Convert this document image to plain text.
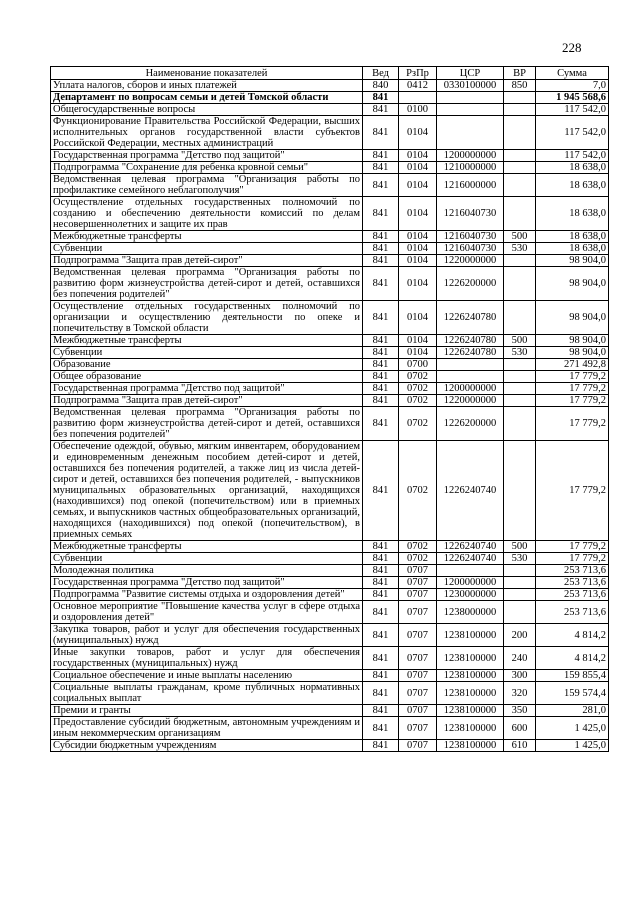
228
Наименование показателей	Вед	РзПр	ЦСР	ВР	Сумма
Уплата налогов, сборов и иных платежей	840	0412	0330100000	850	7,0
Департамент по вопросам семьи и детей Томской области	841				1 945 568,6
Общегосударственные вопросы	841	0100			117 542,0
Функционирование Правительства Российской Федерации, высших исполнительных органов государственной власти субъектов Российской Федерации, местных администраций	841	0104			117 542,0
Государственная программа "Детство под защитой"	841	0104	1200000000		117 542,0
Подпрограмма "Сохранение для ребенка кровной семьи"	841	0104	1210000000		18 638,0
Ведомственная целевая программа "Организация работы по профилактике семейного неблагополучия"	841	0104	1216000000		18 638,0
Осуществление отдельных государственных полномочий по созданию и обеспечению деятельности комиссий по делам несовершеннолетних и защите их прав	841	0104	1216040730		18 638,0
Межбюджетные трансферты	841	0104	1216040730	500	18 638,0
Субвенции	841	0104	1216040730	530	18 638,0
Подпрограмма "Защита прав детей-сирот"	841	0104	1220000000		98 904,0
Ведомственная целевая программа "Организация работы по развитию форм жизнеустройства детей-сирот и детей, оставшихся без попечения родителей"	841	0104	1226200000		98 904,0
Осуществление отдельных государственных полномочий по организации и осуществлению деятельности по опеке и попечительству в Томской области	841	0104	1226240780		98 904,0
Межбюджетные трансферты	841	0104	1226240780	500	98 904,0
Субвенции	841	0104	1226240780	530	98 904,0
Образование	841	0700			271 492,8
Общее образование	841	0702			17 779,2
Государственная программа "Детство под защитой"	841	0702	1200000000		17 779,2
Подпрограмма "Защита прав детей-сирот"	841	0702	1220000000		17 779,2
Ведомственная целевая программа "Организация работы по развитию форм жизнеустройства детей-сирот и детей, оставшихся без попечения родителей"	841	0702	1226200000		17 779,2
Обеспечение одеждой, обувью, мягким инвентарем, оборудованием и единовременным денежным пособием детей-сирот и детей, оставшихся без попечения родителей, а также лиц из числа детей-сирот и детей, оставшихся без попечения родителей, - выпускников муниципальных образовательных организаций, находящихся (находившихся) под опекой (попечительством) или в приемных семьях, и выпускников частных общеобразовательных организаций, находящихся (находившихся) под опекой (попечительством), в приемных семьях	841	0702	1226240740		17 779,2
Межбюджетные трансферты	841	0702	1226240740	500	17 779,2
Субвенции	841	0702	1226240740	530	17 779,2
Молодежная политика	841	0707			253 713,6
Государственная программа "Детство под защитой"	841	0707	1200000000		253 713,6
Подпрограмма "Развитие системы отдыха и оздоровления детей"	841	0707	1230000000		253 713,6
Основное мероприятие "Повышение качества услуг в сфере отдыха и оздоровления детей"	841	0707	1238000000		253 713,6
Закупка товаров, работ и услуг для обеспечения государственных (муниципальных) нужд	841	0707	1238100000	200	4 814,2
Иные закупки товаров, работ и услуг для обеспечения государственных (муниципальных) нужд	841	0707	1238100000	240	4 814,2
Социальное обеспечение и иные выплаты населению	841	0707	1238100000	300	159 855,4
Социальные выплаты гражданам, кроме публичных нормативных социальных выплат	841	0707	1238100000	320	159 574,4
Премии и гранты	841	0707	1238100000	350	281,0
Предоставление субсидий бюджетным, автономным учреждениям и иным некоммерческим организациям	841	0707	1238100000	600	1 425,0
Субсидии бюджетным учреждениям	841	0707	1238100000	610	1 425,0
